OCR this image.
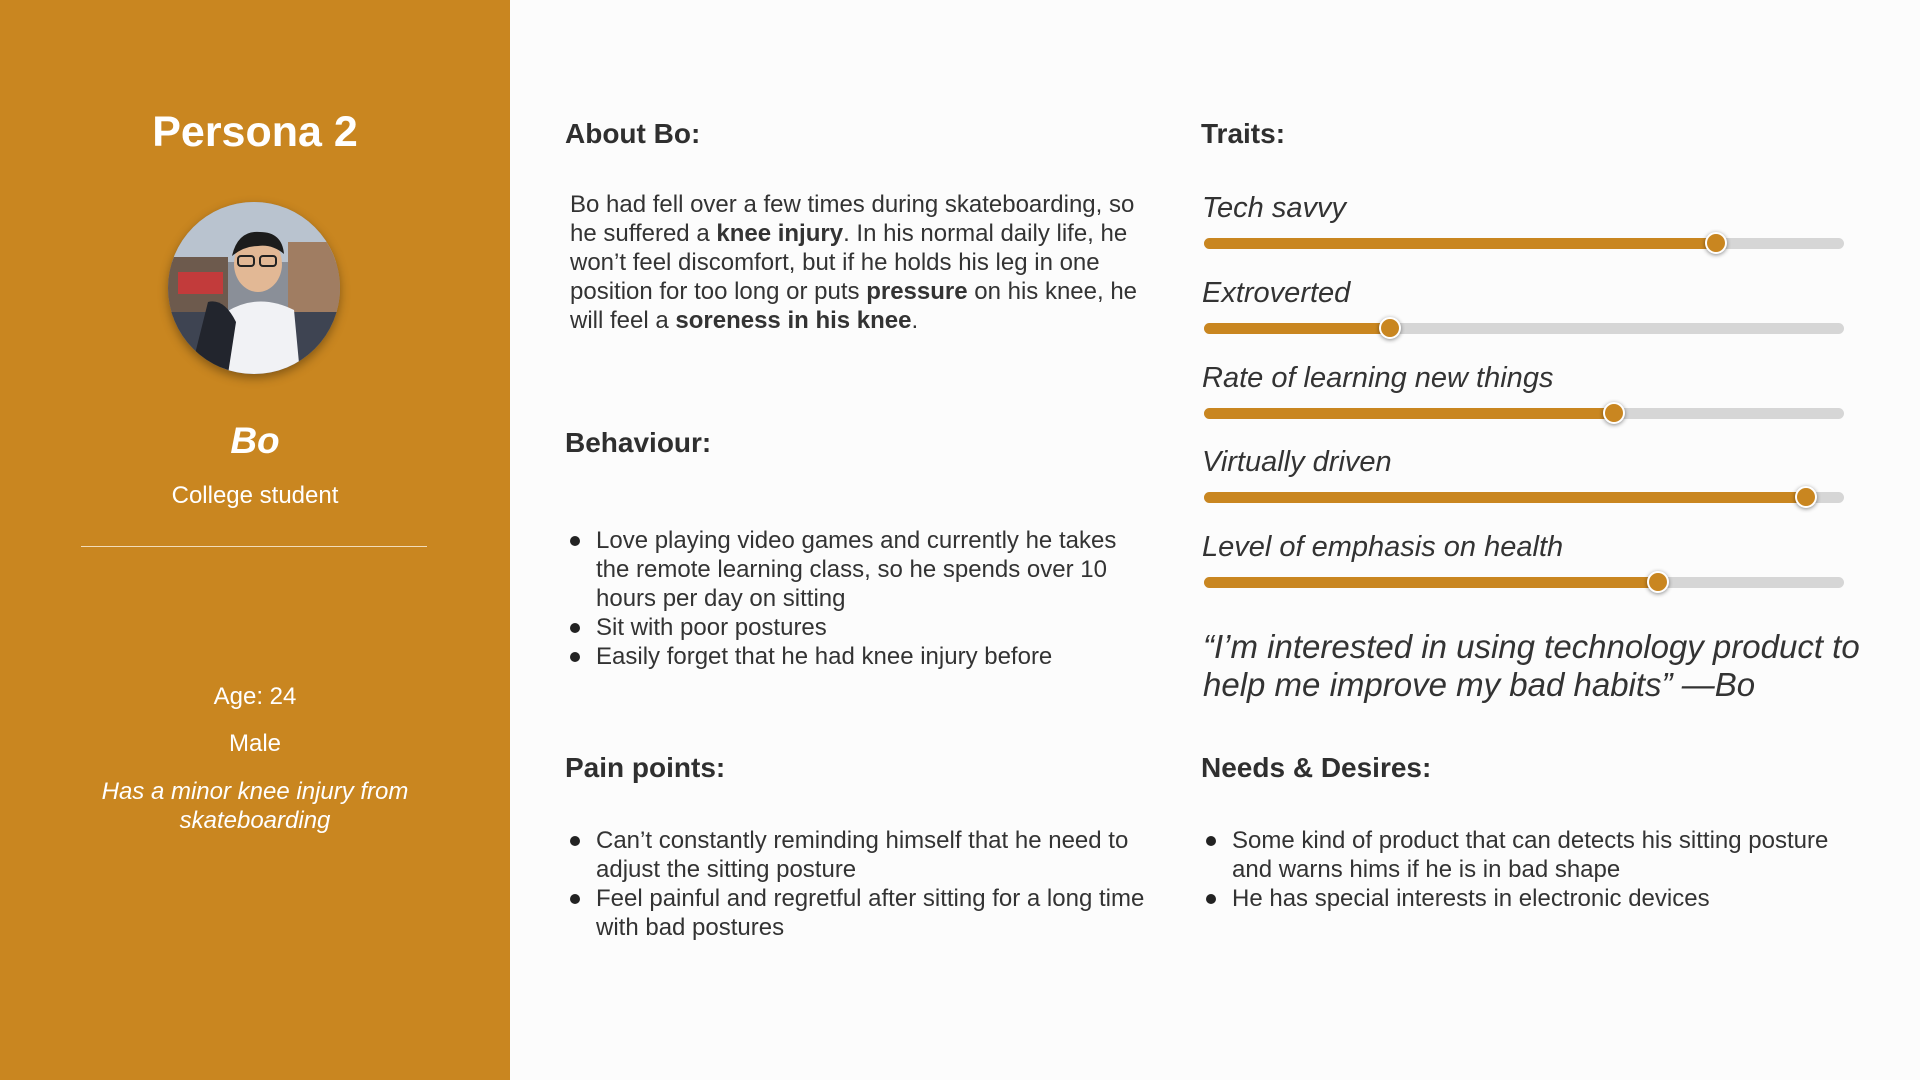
Persona 2
Bo
College student
Age: 24
Male
Has a minor knee injury from skateboarding
About Bo:
Bo had fell over a few times during skateboarding, so he suffered a knee injury. In his normal daily life, he won’t feel discomfort, but if he holds his leg in one position for too long or puts pressure on his knee, he will feel a soreness in his knee.
Behaviour:
Love playing video games and currently he takes the remote learning class, so he spends over 10 hours per day on sitting
Sit with poor postures
Easily forget that he had knee injury before
Pain points:
Can’t constantly reminding himself that he need to adjust the sitting posture
Feel painful and regretful after sitting for a long time with bad postures
Traits:
Tech savvy
Extroverted
Rate of learning new things
Virtually driven
Level of emphasis on health
“I’m interested in using technology product to help me improve my bad habits” —Bo
Needs & Desires:
Some kind of product that can detects his sitting posture and warns hims if he is in bad shape
He has special interests in electronic devices
